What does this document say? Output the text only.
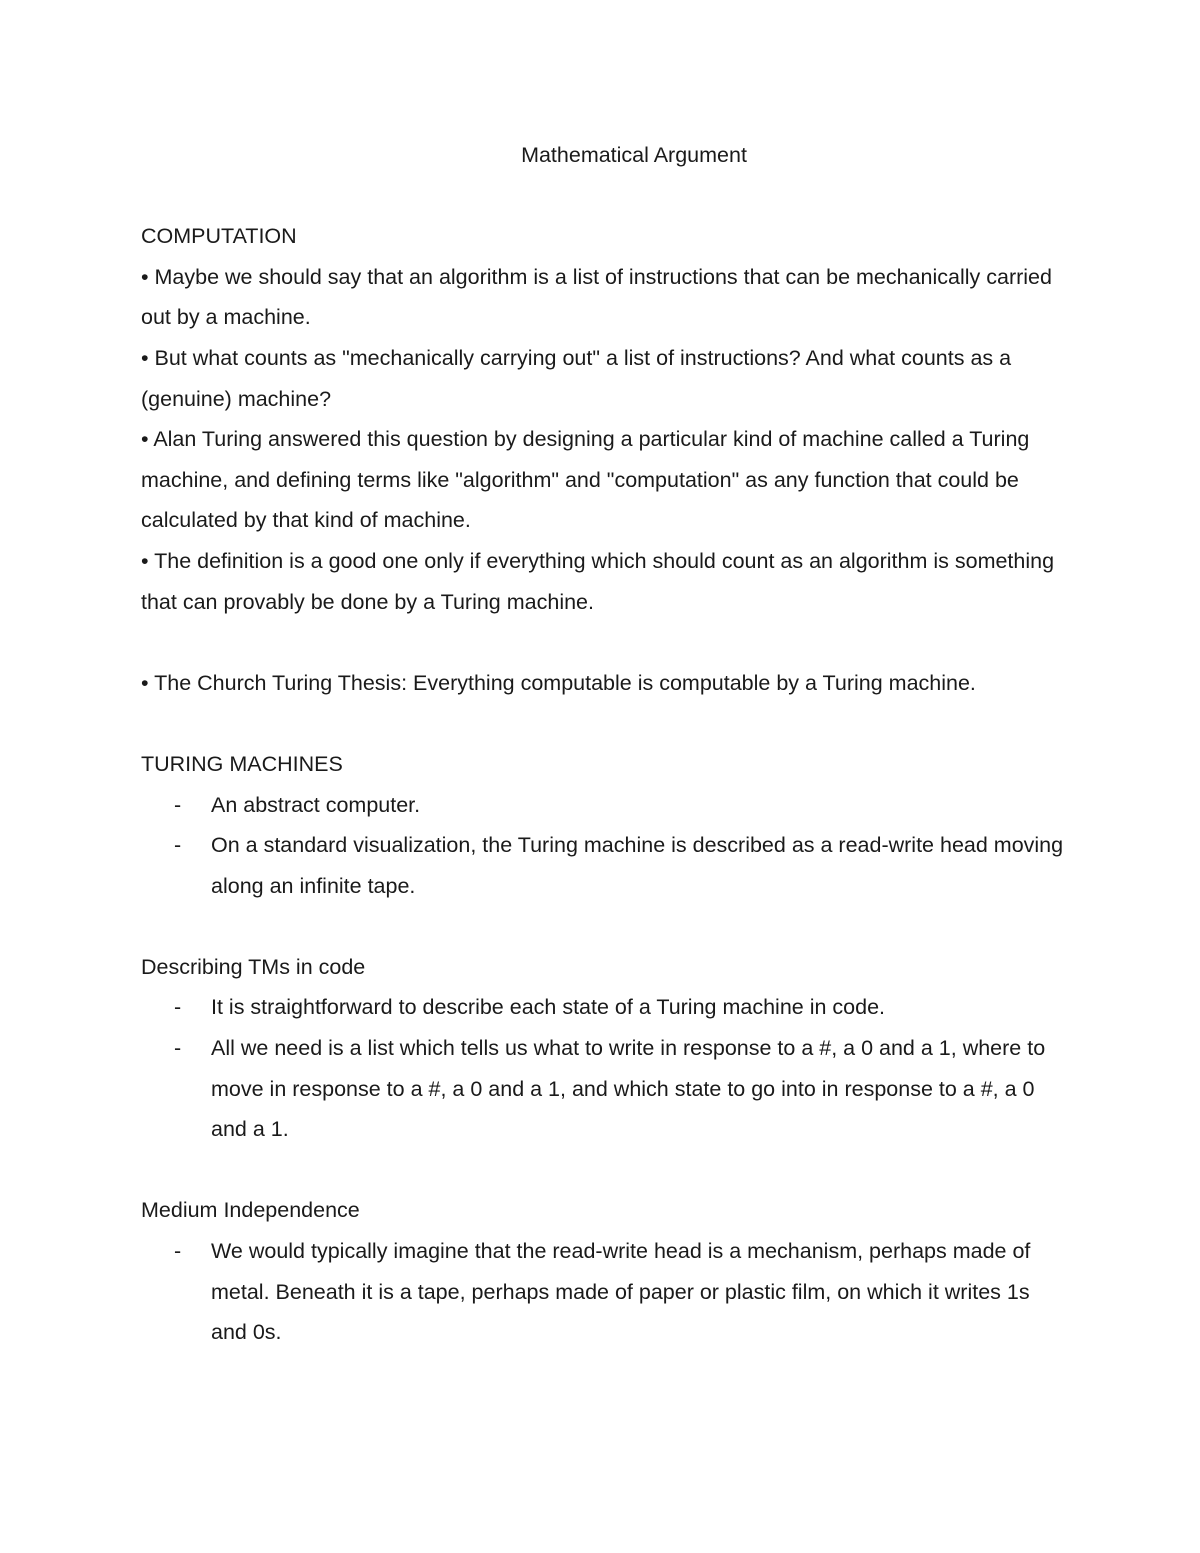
Mathematical Argument

COMPUTATION

• Maybe we should say that an algorithm is a list of instructions that can be mechanically carried out by a machine.

• But what counts as "mechanically carrying out" a list of instructions? And what counts as a (genuine) machine?

• Alan Turing answered this question by designing a particular kind of machine called a Turing machine, and defining terms like "algorithm" and "computation" as any function that could be calculated by that kind of machine.

• The definition is a good one only if everything which should count as an algorithm is something that can provably be done by a Turing machine.

• The Church Turing Thesis: Everything computable is computable by a Turing machine.

TURING MACHINES

- An abstract computer.
- On a standard visualization, the Turing machine is described as a read-write head moving along an infinite tape.

Describing TMs in code

- It is straightforward to describe each state of a Turing machine in code.
- All we need is a list which tells us what to write in response to a #, a 0 and a 1, where to move in response to a #, a 0 and a 1, and which state to go into in response to a #, a 0 and a 1.

Medium Independence

- We would typically imagine that the read-write head is a mechanism, perhaps made of metal. Beneath it is a tape, perhaps made of paper or plastic film, on which it writes 1s and 0s.
